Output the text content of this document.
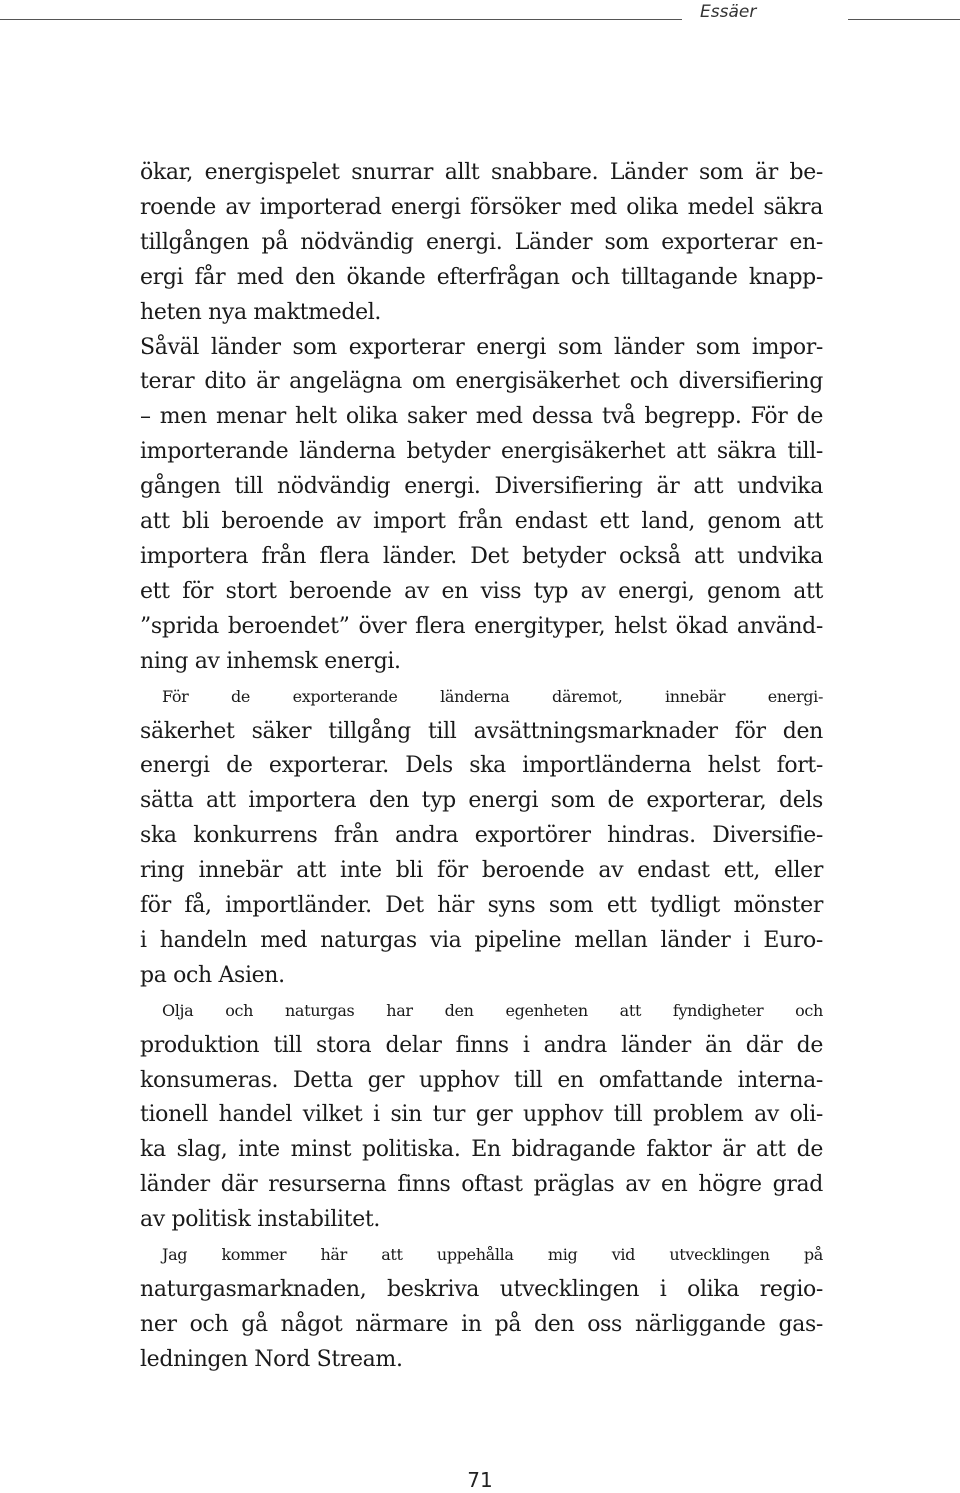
Essäer
ökar, energispelet snurrar allt snabbare. Länder som är be-
roende av importerad energi försöker med olika medel säkra
tillgången på nödvändig energi. Länder som exporterar en-
ergi får med den ökande efterfrågan och tilltagande knapp-
heten nya maktmedel.
Såväl länder som exporterar energi som länder som impor-
terar dito är angelägna om energisäkerhet och diversifiering
– men menar helt olika saker med dessa två begrepp. För de
importerande länderna betyder energisäkerhet att säkra till-
gången till nödvändig energi. Diversifiering är att undvika
att bli beroende av import från endast ett land, genom att
importera från flera länder. Det betyder också att undvika
ett för stort beroende av en viss typ av energi, genom att
”sprida beroendet” över flera energityper, helst ökad använd-
ning av inhemsk energi.
För de exporterande länderna däremot, innebär energi-
säkerhet säker tillgång till avsättningsmarknader för den
energi de exporterar. Dels ska importländerna helst fort-
sätta att importera den typ energi som de exporterar, dels
ska konkurrens från andra exportörer hindras. Diversifie-
ring innebär att inte bli för beroende av endast ett, eller
för få, importländer. Det här syns som ett tydligt mönster
i handeln med naturgas via pipeline mellan länder i Euro-
pa och Asien.
Olja och naturgas har den egenheten att fyndigheter och
produktion till stora delar finns i andra länder än där de
konsumeras. Detta ger upphov till en omfattande interna-
tionell handel vilket i sin tur ger upphov till problem av oli-
ka slag, inte minst politiska. En bidragande faktor är att de
länder där resurserna finns oftast präglas av en högre grad
av politisk instabilitet.
Jag kommer här att uppehålla mig vid utvecklingen på
naturgasmarknaden, beskriva utvecklingen i olika regio-
ner och gå något närmare in på den oss närliggande gas-
ledningen Nord Stream.
71
